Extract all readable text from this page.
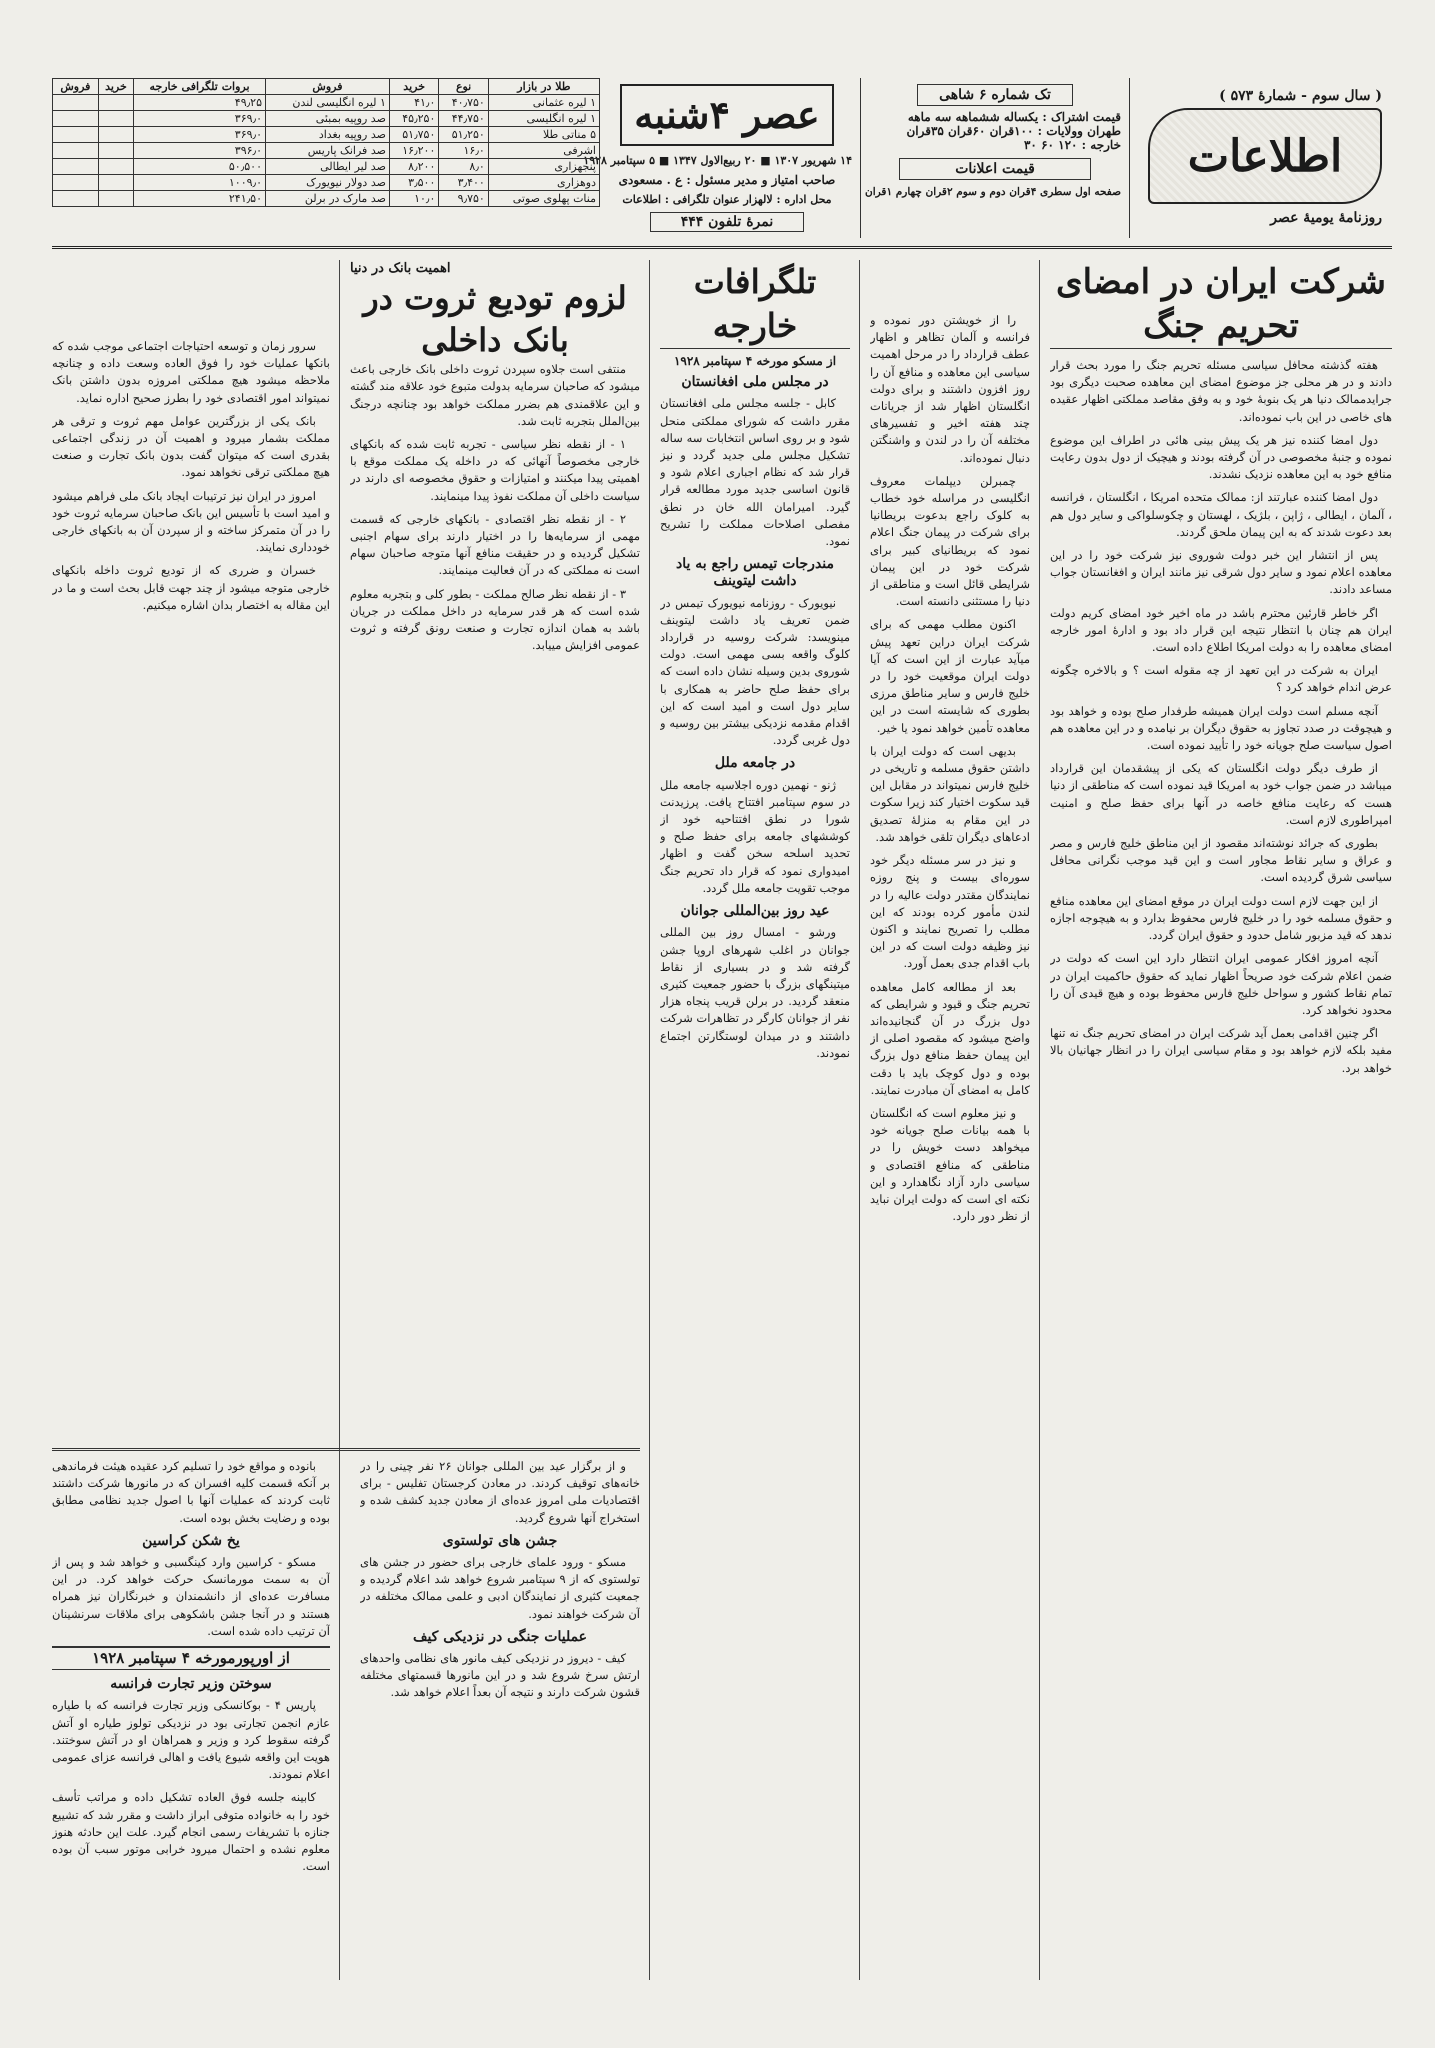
( سال سوم - شمارهٔ ۵۷۳ )
اطلاعات
روزنامهٔ یومیهٔ عصر
تک شماره ۶ شاهی
قیمت اشتراک : یکساله ششماهه سه ماهه
طهران وولایات : ۱۰۰قران ۶۰قران ۳۵قران
خارجه : ۱۲۰ ۶۰ ۳۰
قیمت اعلانات
صفحه اول سطری ۴قران دوم و سوم ۲قران چهارم ۱قران
عصر ۴شنبه
۱۴ شهریور ۱۳۰۷ ■ ۲۰ ربیع‌الاول ۱۳۴۷ ■ ۵ سپتامبر ۱۹۲۸
صاحب امتیاز و مدیر مسئول : ع . مسعودی
محل اداره : لالهزار عنوان تلگرافی : اطلاعات
نمرهٔ تلفون ۴۴۴
طلا در بازار	نوع	خرید	فروش	بروات تلگرافی خارجه	خرید	فروش
۱ لیره عثمانی	۴۰٫۷۵۰	۴۱٫۰	۱ لیره انگلیسی لندن	۴۹٫۲۵		
۱ لیره انگلیسی	۴۴٫۷۵۰	۴۵٫۲۵۰	صد روپیه بمبئی	۳۶۹٫۰		
۵ مناتی طلا	۵۱٫۲۵۰	۵۱٫۷۵۰	صد روپیه بغداد	۳۶۹٫۰		
اشرفی	۱۶٫۰	۱۶٫۲۰۰	صد فرانک پاریس	۳۹۶٫۰		
پنجهزاری	۸٫۰	۸٫۲۰۰	صد لیر ایطالی	۵۰٫۵۰۰		
دوهزاری	۳٫۴۰۰	۳٫۵۰۰	صد دولار نیویورک	۱۰۰۹٫۰		
منات پهلوی صوتی	۹٫۷۵۰	۱۰٫۰	صد مارک در برلن	۲۴۱٫۵۰		
شرکت ایران در امضای تحریم جنگ

هفته گذشته محافل سیاسی مسئله تحریم جنگ را مورد بحث قرار دادند و در هر محلی جز موضوع امضای این معاهده صحبت دیگری بود جرایدممالک دنیا هر یک بنوبهٔ خود و به وفق مقاصد مملکتی اظهار عقیده های خاصی در این باب نموده‌اند.

دول امضا کننده نیز هر یک پیش بینی هائی در اطراف این موضوع نموده و جنبهٔ مخصوصی در آن گرفته بودند و هیچیک از دول بدون رعایت منافع خود به این معاهده نزدیک نشدند.

دول امضا کننده عبارتند از: ممالک متحده امریکا ، انگلستان ، فرانسه ، آلمان ، ایطالی ، ژاپن ، بلژیک ، لهستان و چکوسلواکی و سایر دول هم بعد دعوت شدند که به این پیمان ملحق گردند.

پس از انتشار این خبر دولت شوروی نیز شرکت خود را در این معاهده اعلام نمود و سایر دول شرقی نیز مانند ایران و افغانستان جواب مساعد دادند.

اگر خاطر قارئین محترم باشد در ماه اخیر خود امضای کریم دولت ایران هم چنان با انتظار نتیجه این قرار داد بود و ادارهٔ امور خارجه امضای معاهده را به دولت امریکا اطلاع داده است.

ایران به شرکت در این تعهد از چه مقوله است ؟ و بالاخره چگونه عرض اندام خواهد کرد ؟

آنچه مسلم است دولت ایران همیشه طرفدار صلح بوده و خواهد بود و هیچوقت در صدد تجاوز به حقوق دیگران بر نیامده و در این معاهده هم اصول سیاست صلح جویانه خود را تأیید نموده است.

از طرف دیگر دولت انگلستان که یکی از پیشقدمان این قرارداد میباشد در ضمن جواب خود به امریکا قید نموده است که مناطقی از دنیا هست که رعایت منافع خاصه در آنها برای حفظ صلح و امنیت امپراطوری لازم است.

بطوری که جرائد نوشته‌اند مقصود از این مناطق خلیج فارس و مصر و عراق و سایر نقاط مجاور است و این قید موجب نگرانی محافل سیاسی شرق گردیده است.

از این جهت لازم است دولت ایران در موقع امضای این معاهده منافع و حقوق مسلمه خود را در خلیج فارس محفوظ بدارد و به هیچوجه اجازه ندهد که قید مزبور شامل حدود و حقوق ایران گردد.

آنچه امروز افکار عمومی ایران انتظار دارد این است که دولت در ضمن اعلام شرکت خود صریحاً اظهار نماید که حقوق حاکمیت ایران در تمام نقاط کشور و سواحل خلیج فارس محفوظ بوده و هیچ قیدی آن را محدود نخواهد کرد.

اگر چنین اقدامی بعمل آید شرکت ایران در امضای تحریم جنگ نه تنها مفید بلکه لازم خواهد بود و مقام سیاسی ایران را در انظار جهانیان بالا خواهد برد.

را از خویشتن دور نموده و فرانسه و آلمان تظاهر و اظهار عطف قرارداد را در مرحل اهمیت سیاسی این معاهده و منافع آن را روز افزون داشتند و برای دولت انگلستان اظهار شد از جریانات چند هفته اخیر و تفسیرهای مختلفه آن را در لندن و واشنگتن دنبال نموده‌اند.

چمبرلن دیپلمات معروف انگلیسی در مراسله خود خطاب به کلوک راجع بدعوت بریطانیا برای شرکت در پیمان جنگ اعلام نمود که بریطانیای کبیر برای شرکت خود در این پیمان شرایطی قائل است و مناطقی از دنیا را مستثنی دانسته است.

اکنون مطلب مهمی که برای شرکت ایران دراین تعهد پیش میآید عبارت از این است که آیا دولت ایران موقعیت خود را در خلیج فارس و سایر مناطق مرزی بطوری که شایسته است در این معاهده تأمین خواهد نمود یا خیر.

بدیهی است که دولت ایران با داشتن حقوق مسلمه و تاریخی در خلیج فارس نمیتواند در مقابل این قید سکوت اختیار کند زیرا سکوت در این مقام به منزلهٔ تصدیق ادعاهای دیگران تلقی خواهد شد.

و نیز در سر مسئله دیگر خود سوره‌ای بیست و پنج روزه نمایندگان مقتدر دولت عالیه را در لندن مأمور کرده بودند که این مطلب را تصریح نمایند و اکنون نیز وظیفه دولت است که در این باب اقدام جدی بعمل آورد.

بعد از مطالعه کامل معاهده تحریم جنگ و قیود و شرایطی که دول بزرگ در آن گنجانیده‌اند واضح میشود که مقصود اصلی از این پیمان حفظ منافع دول بزرگ بوده و دول کوچک باید با دقت کامل به امضای آن مبادرت نمایند.

و نیز معلوم است که انگلستان با همه بیانات صلح جویانه خود میخواهد دست خویش را در مناطقی که منافع اقتصادی و سیاسی دارد آزاد نگاهدارد و این نکته ای است که دولت ایران نباید از نظر دور دارد.

تلگرافات خارجه
از مسکو مورخه ۴ سپتامبر ۱۹۲۸
در مجلس ملی افغانستان

کابل - جلسه مجلس ملی افغانستان مقرر داشت که شورای مملکتی منحل شود و بر روی اساس انتخابات سه ساله تشکیل مجلس ملی جدید گردد و نیز قرار شد که نظام اجباری اعلام شود و قانون اساسی جدید مورد مطالعه قرار گیرد. امیرامان الله خان در نطق مفصلی اصلاحات مملکت را تشریح نمود.

مندرجات تیمس راجع به یاد داشت لیتوینف

نیویورک - روزنامه نیویورک تیمس در ضمن تعریف یاد داشت لیتوینف مینویسد: شرکت روسیه در قرارداد کلوگ واقعه بسی مهمی است. دولت شوروی بدین وسیله نشان داده است که برای حفظ صلح حاضر به همکاری با سایر دول است و امید است که این اقدام مقدمه نزدیکی بیشتر بین روسیه و دول غربی گردد.

در جامعه ملل

ژنو - نهمین دوره اجلاسیه جامعه ملل در سوم سپتامبر افتتاح یافت. پرزیدنت شورا در نطق افتتاحیه خود از کوششهای جامعه برای حفظ صلح و تحدید اسلحه سخن گفت و اظهار امیدواری نمود که قرار داد تحریم جنگ موجب تقویت جامعه ملل گردد.

عید روز بین‌المللی جوانان

ورشو - امسال روز بین المللی جوانان در اغلب شهرهای اروپا جشن گرفته شد و در بسیاری از نقاط میتینگهای بزرگ با حضور جمعیت کثیری منعقد گردید. در برلن قریب پنجاه هزار نفر از جوانان کارگر در تظاهرات شرکت داشتند و در میدان لوستگارتن اجتماع نمودند.

اهمیت بانک در دنیا
لزوم تودیع ثروت در بانک داخلی

منتفی است جلاوه سپردن ثروت داخلی بانک خارجی باعث میشود که صاحبان سرمایه بدولت متبوع خود علاقه مند گشته و این علاقمندی هم بضرر مملکت خواهد بود چنانچه درجنگ بین‌الملل بتجربه ثابت شد.

۱ - از نقطه نظر سیاسی - تجربه ثابت شده که بانکهای خارجی مخصوصاً آنهائی که در داخله یک مملکت موقع با اهمیتی پیدا میکنند و امتیازات و حقوق مخصوصه ای دارند در سیاست داخلی آن مملکت نفوذ پیدا مینمایند.

۲ - از نقطه نظر اقتصادی - بانکهای خارجی که قسمت مهمی از سرمایه‌ها را در اختیار دارند برای سهام اجنبی تشکیل گردیده و در حقیقت منافع آنها متوجه صاحبان سهام است نه مملکتی که در آن فعالیت مینمایند.

۳ - از نقطه نظر صالح مملکت - بطور کلی و بتجربه معلوم شده است که هر قدر سرمایه در داخل مملکت در جریان باشد به همان اندازه تجارت و صنعت رونق گرفته و ثروت عمومی افزایش مییابد.

سرور زمان و توسعه احتیاجات اجتماعی موجب شده که بانکها عملیات خود را فوق العاده وسعت داده و چنانچه ملاحظه میشود هیچ مملکتی امروزه بدون داشتن بانک نمیتواند امور اقتصادی خود را بطرز صحیح اداره نماید.

بانک یکی از بزرگترین عوامل مهم ثروت و ترقی هر مملکت بشمار میرود و اهمیت آن در زندگی اجتماعی بقدری است که میتوان گفت بدون بانک تجارت و صنعت هیچ مملکتی ترقی نخواهد نمود.

امروز در ایران نیز ترتیبات ایجاد بانک ملی فراهم میشود و امید است با تأسیس این بانک صاحبان سرمایه ثروت خود را در آن متمرکز ساخته و از سپردن آن به بانکهای خارجی خودداری نمایند.

خسران و ضرری که از تودیع ثروت داخله بانکهای خارجی متوجه میشود از چند جهت قابل بحث است و ما در این مقاله به اختصار بدان اشاره میکنیم.

و از برگزار عید بین المللی جوانان ۲۶ نفر چینی را در خانه‌های توقیف کردند. در معادن کرجستان تفلیس - برای اقتصادیات ملی امروز عده‌ای از معادن جدید کشف شده و استخراج آنها شروع گردید.

جشن های تولستوی

مسکو - ورود علمای خارجی برای حضور در جشن های تولستوی که از ۹ سپتامبر شروع خواهد شد اعلام گردیده و جمعیت کثیری از نمایندگان ادبی و علمی ممالک مختلفه در آن شرکت خواهند نمود.

عملیات جنگی در نزدیکی کیف

کیف - دیروز در نزدیکی کیف مانور های نظامی واحدهای ارتش سرخ شروع شد و در این مانورها قسمتهای مختلفه قشون شرکت دارند و نتیجه آن بعداً اعلام خواهد شد.

بانوده و مواقع خود را تسلیم کرد عقیده هیئت فرماندهی بر آنکه قسمت کلیه افسران که در مانورها شرکت داشتند ثابت کردند که عملیات آنها با اصول جدید نظامی مطابق بوده و رضایت بخش بوده است.

یخ شکن کراسین

مسکو - کراسین وارد کینگسبی و خواهد شد و پس از آن به سمت مورمانسک حرکت خواهد کرد. در این مسافرت عده‌ای از دانشمندان و خبرنگاران نیز همراه هستند و در آنجا جشن باشکوهی برای ملاقات سرنشینان آن ترتیب داده شده است.

از اورپورمورخه ۴ سپتامبر ۱۹۲۸
سوختن وزیر تجارت فرانسه

پاریس ۴ - بوکانسکی وزیر تجارت فرانسه که با طیاره عازم انجمن تجارتی بود در نزدیکی تولوز طیاره او آتش گرفته سقوط کرد و وزیر و همراهان او در آتش سوختند. هویت این واقعه شیوع یافت و اهالی فرانسه عزای عمومی اعلام نمودند.

کابینه جلسه فوق العاده تشکیل داده و مراتب تأسف خود را به خانواده متوفی ابراز داشت و مقرر شد که تشییع جنازه با تشریفات رسمی انجام گیرد. علت این حادثه هنوز معلوم نشده و احتمال میرود خرابی موتور سبب آن بوده است.
